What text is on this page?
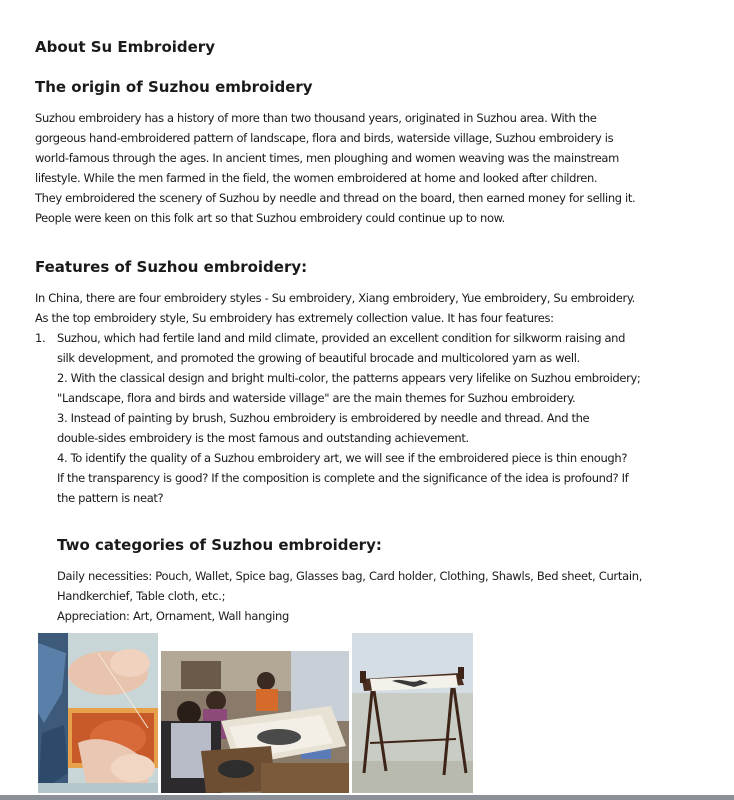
About Su Embroidery
The origin of Suzhou embroidery
Suzhou embroidery has a history of more than two thousand years, originated in Suzhou area. With the
gorgeous hand-embroidered pattern of landscape, flora and birds, waterside village, Suzhou embroidery is
world-famous through the ages. In ancient times, men ploughing and women weaving was the mainstream
lifestyle. While the men farmed in the field, the women embroidered at home and looked after children.
They embroidered the scenery of Suzhou by needle and thread on the board, then earned money for selling it.
People were keen on this folk art so that Suzhou embroidery could continue up to now.
Features of Suzhou embroidery:
In China, there are four embroidery styles - Su embroidery, Xiang embroidery, Yue embroidery, Su embroidery.
As the top embroidery style, Su embroidery has extremely collection value. It has four features:
1. Suzhou, which had fertile land and mild climate, provided an excellent condition for silkworm raising and
silk development, and promoted the growing of beautiful brocade and multicolored yarn as well.
2. With the classical design and bright multi-color, the patterns appears very lifelike on Suzhou embroidery;
"Landscape, flora and birds and waterside village" are the main themes for Suzhou embroidery.
3. Instead of painting by brush, Suzhou embroidery is embroidered by needle and thread. And the
double-sides embroidery is the most famous and outstanding achievement.
4. To identify the quality of a Suzhou embroidery art, we will see if the embroidered piece is thin enough?
If the transparency is good? If the composition is complete and the significance of the idea is profound? If
the pattern is neat?
Two categories of Suzhou embroidery:

Daily necessities: Pouch, Wallet, Spice bag, Glasses bag, Card holder, Clothing, Shawls, Bed sheet, Curtain,

Handkerchief, Table cloth, etc.;

Appreciation: Art, Ornament, Wall hanging
